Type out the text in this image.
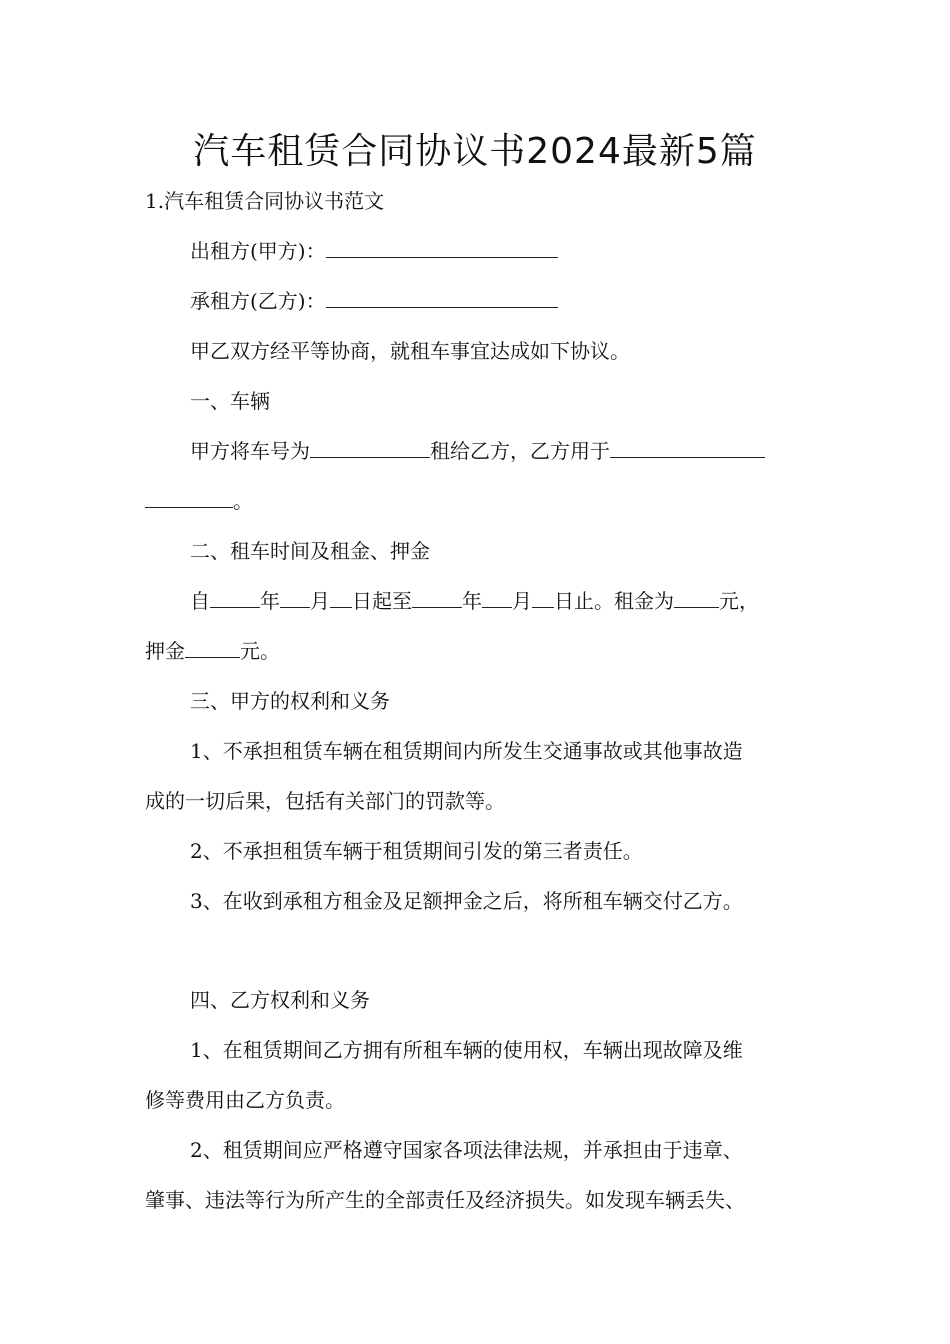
汽车租赁合同协议书2024最新5篇
1.汽车租赁合同协议书范文
出租方(甲方)：
承租方(乙方)：
甲乙双方经平等协商，就租车事宜达成如下协议。
一、车辆
甲方将车号为	租给乙方，乙方用于
。
二、租车时间及租金、押金
自	年 月 日起至	年 月 日止。租金为 元，
押金	元。
三、甲方的权利和义务
1、不承担租赁车辆在租赁期间内所发生交通事故或其他事故造
成的一切后果，包括有关部门的罚款等。
2、不承担租赁车辆于租赁期间引发的第三者责任。
3、在收到承租方租金及足额押金之后，将所租车辆交付乙方。
四、乙方权利和义务
1、在租赁期间乙方拥有所租车辆的使用权，车辆出现故障及维
修等费用由乙方负责。
2、租赁期间应严格遵守国家各项法律法规，并承担由于违章、
肇事、违法等行为所产生的全部责任及经济损失。如发现车辆丢失、
